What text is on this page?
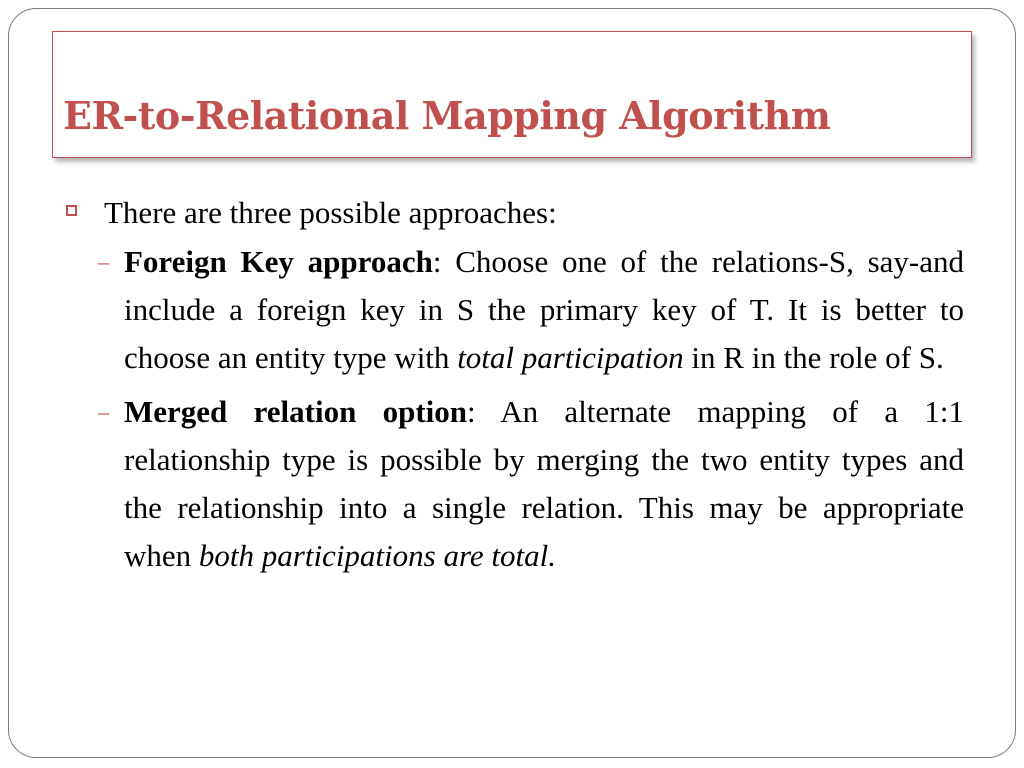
ER-to-Relational Mapping Algorithm
There are three possible approaches:
– Foreign Key approach: Choose one of the relations-S, say-and include a foreign key in S the primary key of T. It is better to choose an entity type with total participation in R in the role of S.
– Merged relation option: An alternate mapping of a 1:1 relationship type is possible by merging the two entity types and the relationship into a single relation. This may be appropriate when both participations are total.
